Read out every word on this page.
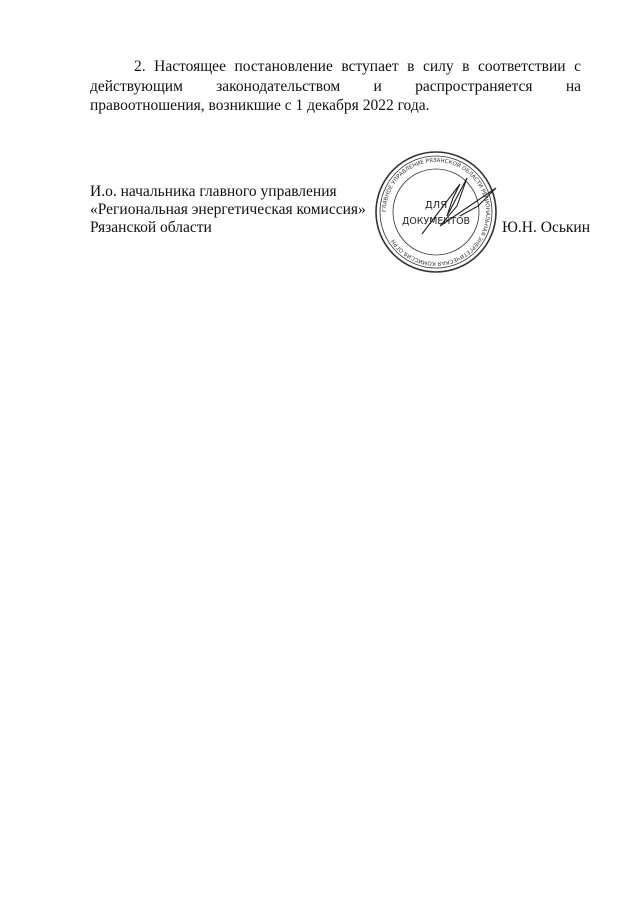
2. Настоящее постановление вступает в силу в соответствии с действующим законодательством и распространяется на правоотношения, возникшие с 1 декабря 2022 года.
И.о. начальника главного управления
«Региональная энергетическая комиссия»
Рязанской области	Ю.Н. Оськин
ГЛАВНОЕ УПРАВЛЕНИЕ РЯЗАНСКОЙ ОБЛАСТИ РЕГИОНАЛЬНАЯ ЭНЕРГЕТИЧЕСКАЯ КОМИССИЯ ОГРН
ДЛЯ
ДОКУМЕНТОВ
